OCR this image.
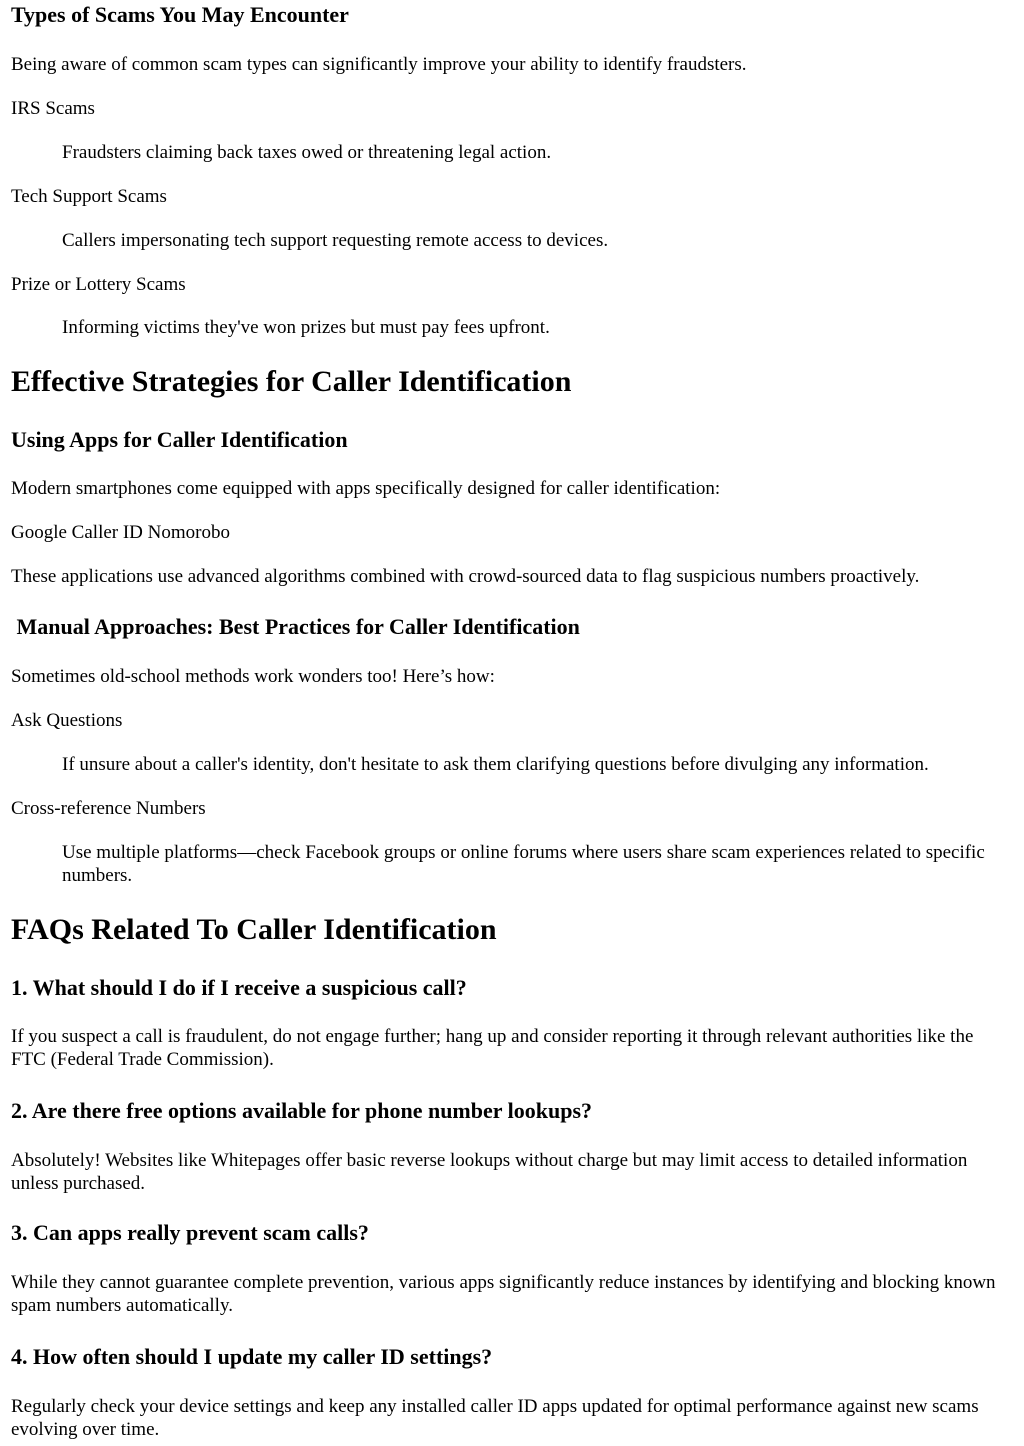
Types of Scams You May Encounter

Being aware of common scam types can significantly improve your ability to identify fraudsters.

IRS Scams

Fraudsters claiming back taxes owed or threatening legal action.

Tech Support Scams

Callers impersonating tech support requesting remote access to devices.

Prize or Lottery Scams

Informing victims they've won prizes but must pay fees upfront.

Effective Strategies for Caller Identification
Using Apps for Caller Identification

Modern smartphones come equipped with apps specifically designed for caller identification:

Google Caller ID Nomorobo

These applications use advanced algorithms combined with crowd-sourced data to flag suspicious numbers proactively.

Manual Approaches: Best Practices for Caller Identification

Sometimes old-school methods work wonders too! Here’s how:

Ask Questions

If unsure about a caller's identity, don't hesitate to ask them clarifying questions before divulging any information.

Cross-reference Numbers

Use multiple platforms—check Facebook groups or online forums where users share scam experiences related to specific numbers.

FAQs Related To Caller Identification
1. What should I do if I receive a suspicious call?

If you suspect a call is fraudulent, do not engage further; hang up and consider reporting it through relevant authorities like the FTC (Federal Trade Commission).

2. Are there free options available for phone number lookups?

Absolutely! Websites like Whitepages offer basic reverse lookups without charge but may limit access to detailed information unless purchased.

3. Can apps really prevent scam calls?

While they cannot guarantee complete prevention, various apps significantly reduce instances by identifying and blocking known spam numbers automatically.

4. How often should I update my caller ID settings?

Regularly check your device settings and keep any installed caller ID apps updated for optimal performance against new scams evolving over time.
